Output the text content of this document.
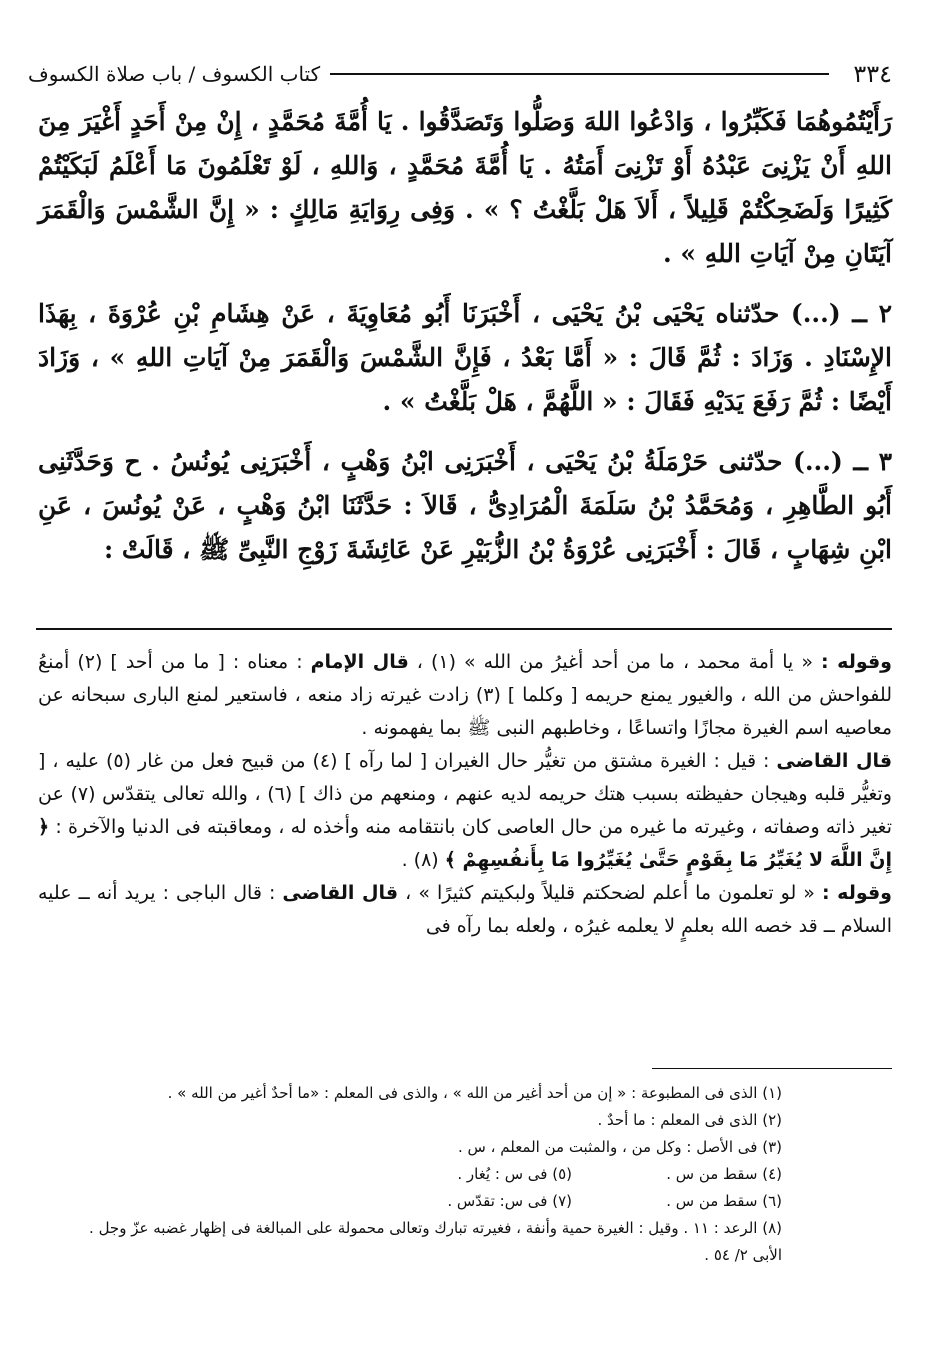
٣٣٤
كتاب الكسوف / باب صلاة الكسوف

رَأَيْتُمُوهُمَا فَكَبِّرُوا ، وَادْعُوا اللهَ وَصَلُّوا وَتَصَدَّقُوا . يَا أُمَّةَ مُحَمَّدٍ ، إِنْ مِنْ أَحَدٍ أَغْيَرَ مِنَ اللهِ أَنْ يَزْنِىَ عَبْدُهُ أَوْ تَزْنِىَ أَمَتُهُ . يَا أُمَّةَ مُحَمَّدٍ ، وَاللهِ ، لَوْ تَعْلَمُونَ مَا أَعْلَمُ لَبَكَيْتُمْ كَثِيرًا وَلَضَحِكْتُمْ قَلِيلاً ، أَلاَ هَلْ بَلَّغْتُ ؟ » . وَفِى رِوَايَةِ مَالِكٍ : « إِنَّ الشَّمْسَ وَالْقَمَرَ آيَتَانِ مِنْ آيَاتِ اللهِ » .

٢ ــ (...) حدّثناه يَحْيَى بْنُ يَحْيَى ، أَخْبَرَنَا أَبُو مُعَاوِيَةَ ، عَنْ هِشَامِ بْنِ عُرْوَةَ ، بِهَذَا الإِسْنَادِ . وَزَادَ : ثُمَّ قَالَ : « أَمَّا بَعْدُ ، فَإِنَّ الشَّمْسَ وَالْقَمَرَ مِنْ آيَاتِ اللهِ » ، وَزَادَ أَيْضًا : ثُمَّ رَفَعَ يَدَيْهِ فَقَالَ : « اللَّهُمَّ ، هَلْ بَلَّغْتُ » .

٣ ــ (...) حدّثنى حَرْمَلَةُ بْنُ يَحْيَى ، أَخْبَرَنِى ابْنُ وَهْبٍ ، أَخْبَرَنِى يُونُسُ . ح وَحَدَّثَنِى أَبُو الطَّاهِرِ ، وَمُحَمَّدُ بْنُ سَلَمَةَ الْمُرَادِىُّ ، قَالاَ : حَدَّثَنَا ابْنُ وَهْبٍ ، عَنْ يُونُسَ ، عَنِ ابْنِ شِهَابٍ ، قَالَ : أَخْبَرَنِى عُرْوَةُ بْنُ الزُّبَيْرِ عَنْ عَائِشَةَ زَوْجِ النَّبِىِّ ﷺ ، قَالَتْ :

وقوله : « يا أمة محمد ، ما من أحد أغيرُ من الله » (١) ، قال الإمام : معناه : [ ما من أحد ] (٢) أمنعُ للفواحش من الله ، والغيور يمنع حريمه [ وكلما ] (٣) زادت غيرته زاد منعه ، فاستعير لمنع البارى سبحانه عن معاصيه اسم الغيرة مجازًا واتساعًا ، وخاطبهم النبى ﷺ بما يفهمونه .

قال القاضى : قيل : الغيرة مشتق من تغيُّر حال الغيران [ لما رآه ] (٤) من قبيح فعل من غار (٥) عليه ، [ وتغيُّر قلبه وهيجان حفيظته بسبب هتك حريمه لديه عنهم ، ومنعهم من ذاك ] (٦) ، والله تعالى يتقدّس (٧) عن تغير ذاته وصفاته ، وغيرته ما غيره من حال العاصى كان بانتقامه منه وأخذه له ، ومعاقبته فى الدنيا والآخرة : ﴿ إِنَّ اللَّهَ لا يُغَيِّرُ مَا بِقَوْمٍ حَتَّىٰ يُغَيِّرُوا مَا بِأَنفُسِهِمْ ﴾ (٨) .

وقوله : « لو تعلمون ما أعلم لضحكتم قليلاً ولبكيتم كثيرًا » ، قال القاضى : قال الباجى : يريد أنه ــ عليه السلام ــ قد خصه الله بعلمٍ لا يعلمه غيرُه ، ولعله بما رآه فى

(١) الذى فى المطبوعة : « إن من أحد أغير من الله » ، والذى فى المعلم : «ما أحدٌ أغير من الله » .

(٢) الذى فى المعلم : ما أحدٌ .

(٣) فى الأصل : وكل من ، والمثبت من المعلم ، س .

(٤) سقط من س .

(٥) فى س : يُغار .

(٦) سقط من س .

(٧) فى س: تقدّس .

(٨) الرعد : ١١ . وقيل : الغيرة حمية وأنفة ، فغيرته تبارك وتعالى محمولة على المبالغة فى إظهار غضبه عزّ وجل . الأبى ٢/ ٥٤ .
